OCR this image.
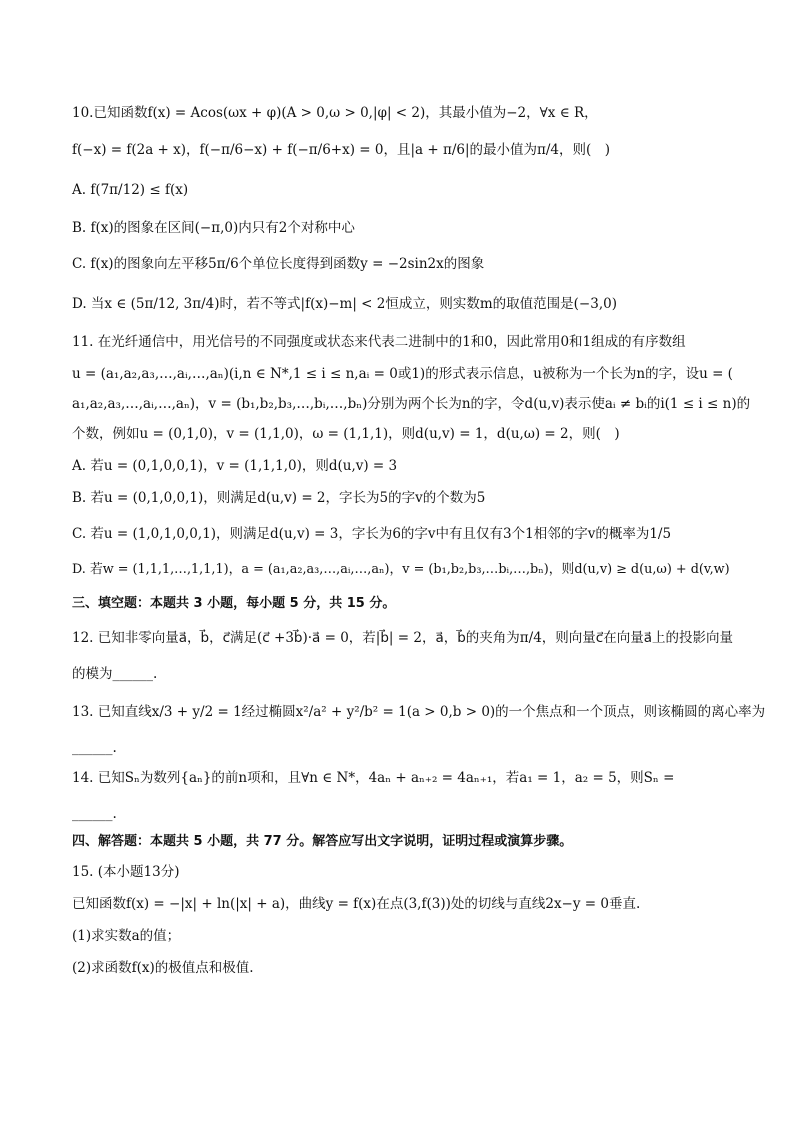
10.已知函数f(x) = Acos(ωx + φ)(A > 0,ω > 0,|φ| < 2)，其最小值为−2，∀x ∈ R，
f(−x) = f(2a + x)，f(−π/6−x) + f(−π/6+x) = 0，且|a + π/6|的最小值为π/4，则(　)
A. f(7π/12) ≤ f(x)
B. f(x)的图象在区间(−π,0)内只有2个对称中心
C. f(x)的图象向左平移5π/6个单位长度得到函数y = −2sin2x的图象
D. 当x ∈ (5π/12, 3π/4)时，若不等式|f(x)−m| < 2恒成立，则实数m的取值范围是(−3,0)
11. 在光纤通信中，用光信号的不同强度或状态来代表二进制中的1和0，因此常用0和1组成的有序数组
u = (a₁,a₂,a₃,…,aᵢ,…,aₙ)(i,n ∈ N*,1 ≤ i ≤ n,aᵢ = 0或1)的形式表示信息，u被称为一个长为n的字，设u = (
a₁,a₂,a₃,…,aᵢ,…,aₙ)，v = (b₁,b₂,b₃,…,bᵢ,…,bₙ)分别为两个长为n的字，令d(u,v)表示使aᵢ ≠ bᵢ的i(1 ≤ i ≤ n)的
个数，例如u = (0,1,0)，v = (1,1,0)，ω = (1,1,1)，则d(u,v) = 1，d(u,ω) = 2，则(　)
A. 若u = (0,1,0,0,1)，v = (1,1,1,0)，则d(u,v) = 3
B. 若u = (0,1,0,0,1)，则满足d(u,v) = 2，字长为5的字v的个数为5
C. 若u = (1,0,1,0,0,1)，则满足d(u,v) = 3，字长为6的字v中有且仅有3个1相邻的字v的概率为1/5
D. 若w = (1,1,1,…,1,1,1)，a = (a₁,a₂,a₃,…,aᵢ,…,aₙ)，v = (b₁,b₂,b₃,…bᵢ,…,bₙ)，则d(u,v) ≥ d(u,ω) + d(v,w)
三、填空题：本题共 3 小题，每小题 5 分，共 15 分。
12. 已知非零向量a⃗，b⃗，c⃗满足(c⃗ +3b⃗)·a⃗ = 0，若|b⃗| = 2，a⃗，b⃗的夹角为π/4，则向量c⃗在向量a⃗上的投影向量
的模为______.
13. 已知直线x/3 + y/2 = 1经过椭圆x²/a² + y²/b² = 1(a > 0,b > 0)的一个焦点和一个顶点，则该椭圆的离心率为
______.
14. 已知Sₙ为数列{aₙ}的前n项和，且∀n ∈ N*，4aₙ + aₙ₊₂ = 4aₙ₊₁，若a₁ = 1，a₂ = 5，则Sₙ =
______.
四、解答题：本题共 5 小题，共 77 分。解答应写出文字说明，证明过程或演算步骤。
15. (本小题13分)
已知函数f(x) = −|x| + ln(|x| + a)，曲线y = f(x)在点(3,f(3))处的切线与直线2x−y = 0垂直.
(1)求实数a的值；
(2)求函数f(x)的极值点和极值.
